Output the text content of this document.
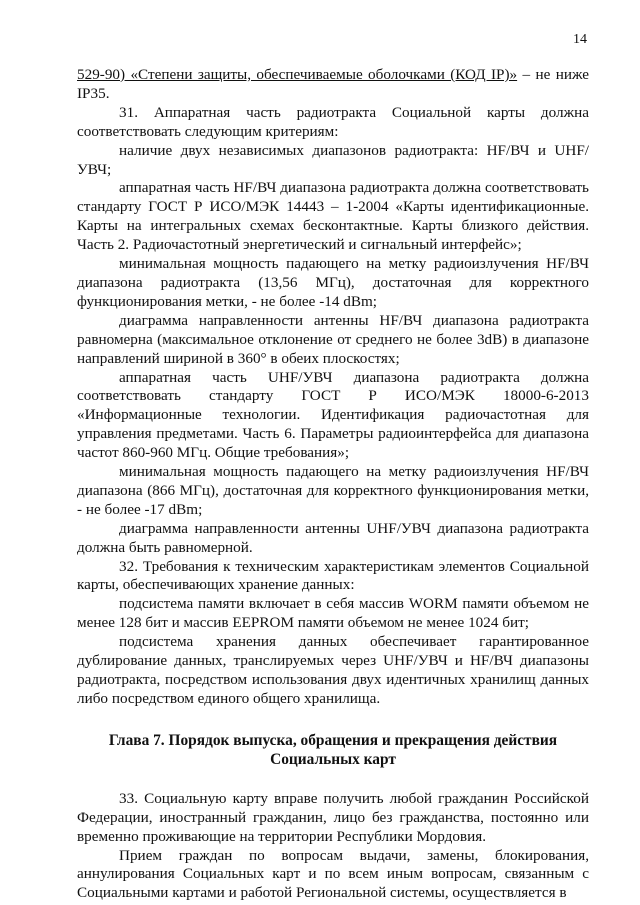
14

529-90) «Степени защиты, обеспечиваемые оболочками (КОД IP)» – не ниже IP35.

31. Аппаратная часть радиотракта Социальной карты должна соответствовать следующим критериям:

наличие двух независимых диапазонов радиотракта: HF/ВЧ и UHF/УВЧ;

аппаратная часть HF/ВЧ диапазона радиотракта должна соответствовать стандарту ГОСТ Р ИСО/МЭК 14443 – 1-2004 «Карты идентификационные. Карты на интегральных схемах бесконтактные. Карты близкого действия. Часть 2. Радиочастотный энергетический и сигнальный интерфейс»;

минимальная мощность падающего на метку радиоизлучения HF/ВЧ диапазона радиотракта (13,56 МГц), достаточная для корректного функционирования метки, - не более -14 dBm;

диаграмма направленности антенны HF/ВЧ диапазона радиотракта равномерна (максимальное отклонение от среднего не более 3dB) в диапазоне направлений шириной в 360° в обеих плоскостях;

аппаратная часть UHF/УВЧ диапазона радиотракта должна соответствовать стандарту ГОСТ Р ИСО/МЭК 18000-6-2013 «Информационные технологии. Идентификация радиочастотная для управления предметами. Часть 6. Параметры радиоинтерфейса для диапазона частот 860-960 МГц. Общие требования»;

минимальная мощность падающего на метку радиоизлучения HF/ВЧ диапазона (866 МГц), достаточная для корректного функционирования метки, - не более -17 dBm;

диаграмма направленности антенны UHF/УВЧ диапазона радиотракта должна быть равномерной.

32. Требования к техническим характеристикам элементов Социальной карты, обеспечивающих хранение данных:

подсистема памяти включает в себя массив WORM памяти объемом не менее 128 бит и массив EEPROM памяти объемом не менее 1024 бит;

подсистема хранения данных обеспечивает гарантированное дублирование данных, транслируемых через UHF/УВЧ и HF/ВЧ диапазоны радиотракта, посредством использования двух идентичных хранилищ данных либо посредством единого общего хранилища.

Глава 7. Порядок выпуска, обращения и прекращения действия Социальных карт

33. Социальную карту вправе получить любой гражданин Российской Федерации, иностранный гражданин, лицо без гражданства, постоянно или временно проживающие на территории Республики Мордовия.

Прием граждан по вопросам выдачи, замены, блокирования, аннулирования Социальных карт и по всем иным вопросам, связанным с Социальными картами и работой Региональной системы, осуществляется в
